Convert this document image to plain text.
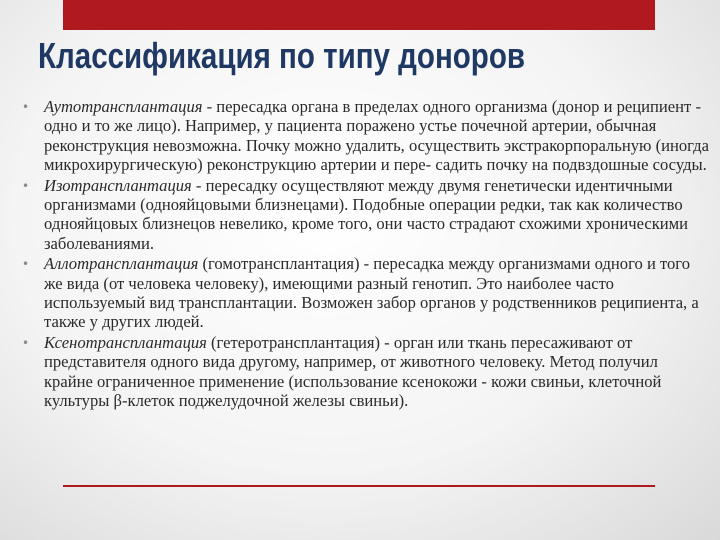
Классификация по типу доноров
• Аутотрансплантация - пересадка органа в пределах одного организма (донор и реципиент - одно и то же лицо). Например, у пациента поражено устье почечной артерии, обычная реконструкция невозможна. Почку можно удалить, осуществить экстракорпоральную (иногда микрохирургическую) реконструкцию артерии и пере- садить почку на подвздошные сосуды.
• Изотрансплантация - пересадку осуществляют между двумя генетически идентичными организмами (однояйцовыми близнецами). Подобные операции редки, так как количество однояйцовых близнецов невелико, кроме того, они часто страдают схожими хроническими заболеваниями.
• Аллотрансплантация (гомотрансплантация) - пересадка между организмами одного и того же вида (от человека человеку), имеющими разный генотип. Это наиболее часто используемый вид трансплантации. Возможен забор органов у родственников реципиента, а также у других людей.
• Ксенотрансплантация (гетеротрансплантация) - орган или ткань пересаживают от представителя одного вида другому, например, от животного человеку. Метод получил крайне ограниченное применение (использование ксенокожи - кожи свиньи, клеточной культуры β-клеток поджелудочной железы свиньи).
